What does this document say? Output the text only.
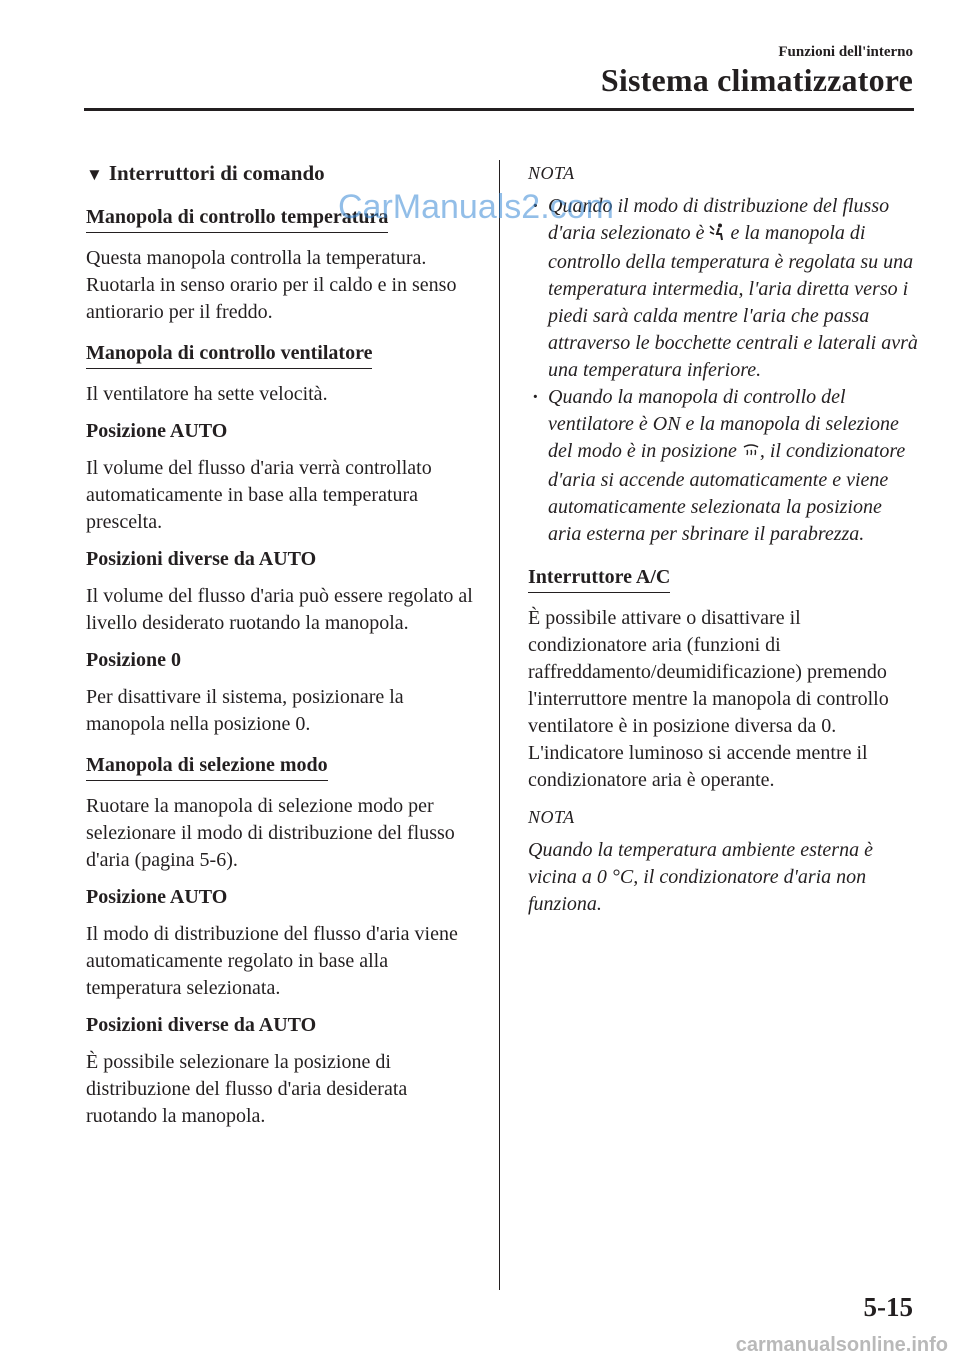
Funzioni dell'interno
Sistema climatizzatore
▼ Interruttori di comando
Manopola di controllo temperatura

Questa manopola controlla la temperatura. Ruotarla in senso orario per il caldo e in senso antiorario per il freddo.

Manopola di controllo ventilatore

Il ventilatore ha sette velocità.

Posizione AUTO

Il volume del flusso d'aria verrà controllato automaticamente in base alla temperatura prescelta.

Posizioni diverse da AUTO

Il volume del flusso d'aria può essere regolato al livello desiderato ruotando la manopola.

Posizione 0

Per disattivare il sistema, posizionare la manopola nella posizione 0.

Manopola di selezione modo

Ruotare la manopola di selezione modo per selezionare il modo di distribuzione del flusso d'aria (pagina 5-6).

Posizione AUTO

Il modo di distribuzione del flusso d'aria viene automaticamente regolato in base alla temperatura selezionata.

Posizioni diverse da AUTO

È possibile selezionare la posizione di distribuzione del flusso d'aria desiderata ruotando la manopola.

NOTA
· Quando il modo di distribuzione del flusso d'aria selezionato è e la manopola di controllo della temperatura è regolata su una temperatura intermedia, l'aria diretta verso i piedi sarà calda mentre l'aria che passa attraverso le bocchette centrali e laterali avrà una temperatura inferiore.
· Quando la manopola di controllo del ventilatore è ON e la manopola di selezione del modo è in posizione , il condizionatore d'aria si accende automaticamente e viene automaticamente selezionata la posizione aria esterna per sbrinare il parabrezza.
Interruttore A/C

È possibile attivare o disattivare il condizionatore aria (funzioni di raffreddamento/deumidificazione) premendo l'interruttore mentre la manopola di controllo ventilatore è in posizione diversa da 0.

L'indicatore luminoso si accende mentre il condizionatore aria è operante.

NOTA

Quando la temperatura ambiente esterna è vicina a 0 °C, il condizionatore d'aria non funziona.

CarManuals2.com
5-15
carmanualsonline.info
